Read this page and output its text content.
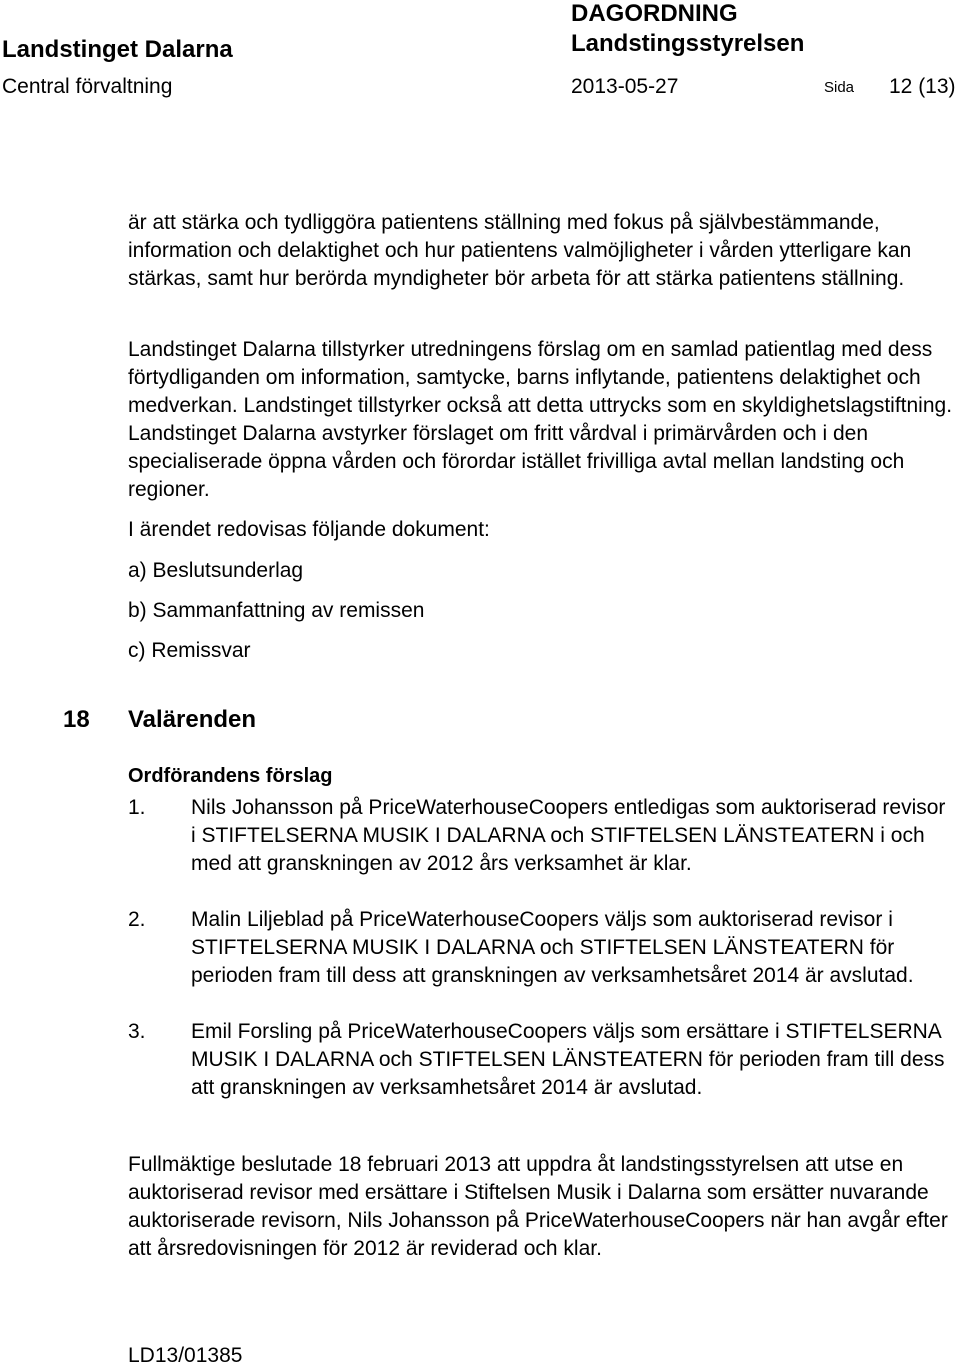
Landstinget Dalarna
DAGORDNING
Landstingsstyrelsen
Central förvaltning	2013-05-27	Sida 12 (13)

är att stärka och tydliggöra patientens ställning med fokus på självbestämmande, information och delaktighet och hur patientens valmöjligheter i vården ytterligare kan stärkas, samt hur berörda myndigheter bör arbeta för att stärka patientens ställning.

Landstinget Dalarna tillstyrker utredningens förslag om en samlad patientlag med dess förtydliganden om information, samtycke, barns inflytande, patientens delaktighet och medverkan. Landstinget tillstyrker också att detta uttrycks som en skyldighetslagstiftning. Landstinget Dalarna avstyrker förslaget om fritt vårdval i primärvården och i den specialiserade öppna vården och förordar istället frivilliga avtal mellan landsting och regioner.

I ärendet redovisas följande dokument:

a) Beslutsunderlag
b) Sammanfattning av remissen
c) Remissvar
18 Valärenden
Ordförandens förslag
1. Nils Johansson på PriceWaterhouseCoopers entledigas som auktoriserad revisor i STIFTELSERNA MUSIK I DALARNA och STIFTELSEN LÄNSTEATERN i och med att granskningen av 2012 års verksamhet är klar.
2. Malin Liljeblad på PriceWaterhouseCoopers väljs som auktoriserad revisor i STIFTELSERNA MUSIK I DALARNA och STIFTELSEN LÄNSTEATERN för perioden fram till dess att granskningen av verksamhetsåret 2014 är avslutad.
3. Emil Forsling på PriceWaterhouseCoopers väljs som ersättare i STIFTELSERNA MUSIK I DALARNA och STIFTELSEN LÄNSTEATERN för perioden fram till dess att granskningen av verksamhetsåret 2014 är avslutad.

Fullmäktige beslutade 18 februari 2013 att uppdra åt landstingsstyrelsen att utse en auktoriserad revisor med ersättare i Stiftelsen Musik i Dalarna som ersätter nuvarande auktoriserade revisorn, Nils Johansson på PriceWaterhouseCoopers när han avgår efter att årsredovisningen för 2012 är reviderad och klar.

LD13/01385
